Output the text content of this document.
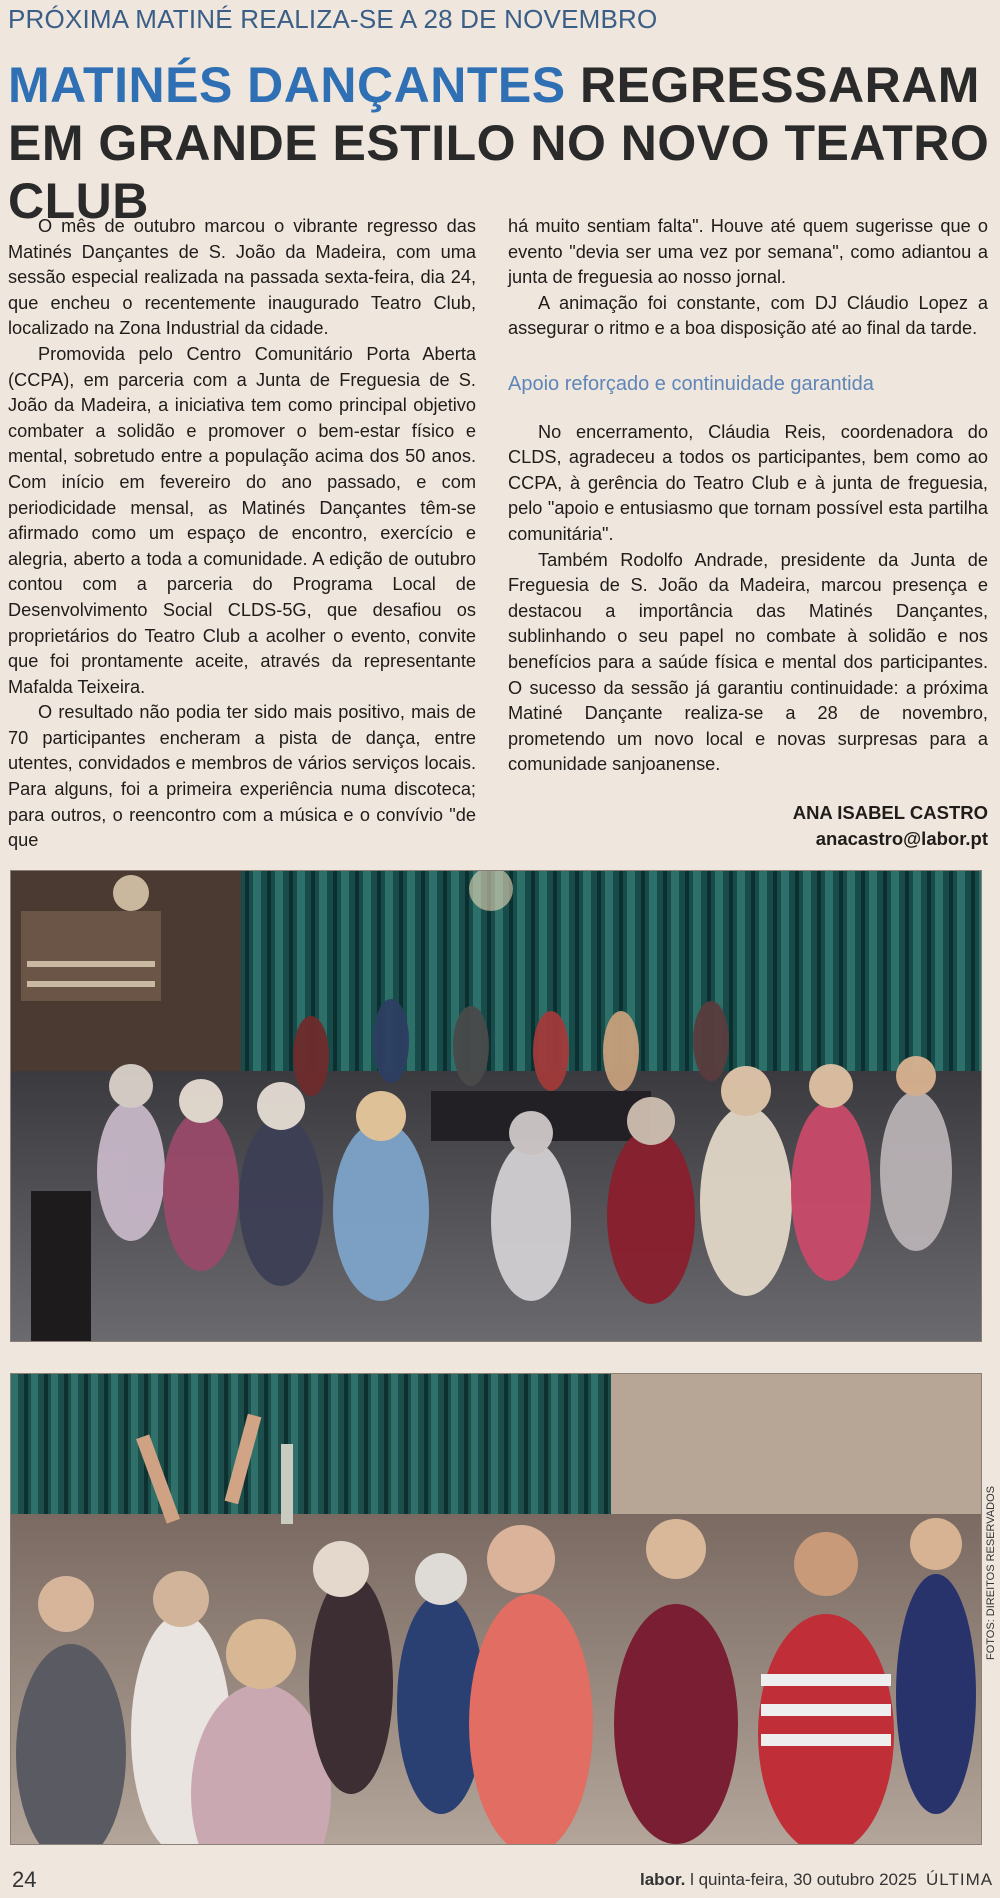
PRÓXIMA MATINÉ REALIZA-SE A 28 DE NOVEMBRO
MATINÉS DANÇANTES REGRESSARAM
EM GRANDE ESTILO NO NOVO TEATRO CLUB

O mês de outubro marcou o vibrante regresso das Matinés Dançantes de S. João da Madeira, com uma sessão especial realizada na passada sexta-feira, dia 24, que encheu o recentemente inaugurado Teatro Club, localizado na Zona Industrial da cidade.

Promovida pelo Centro Comunitário Porta Aberta (CCPA), em parceria com a Junta de Freguesia de S. João da Madeira, a iniciativa tem como principal objetivo combater a solidão e promover o bem-estar físico e mental, sobretudo entre a população acima dos 50 anos. Com início em fevereiro do ano passado, e com periodicidade mensal, as Matinés Dançantes têm-se afirmado como um espaço de encontro, exercício e alegria, aberto a toda a comunidade. A edição de outubro contou com a parceria do Programa Local de Desenvolvimento Social CLDS-5G, que desafiou os proprietários do Teatro Club a acolher o evento, convite que foi prontamente aceite, através da representante Mafalda Teixeira.

O resultado não podia ter sido mais positivo, mais de 70 participantes encheram a pista de dança, entre utentes, convidados e membros de vários serviços locais. Para alguns, foi a primeira experiência numa discoteca; para outros, o reencontro com a música e o convívio "de que

há muito sentiam falta". Houve até quem sugerisse que o evento "devia ser uma vez por semana", como adiantou a junta de freguesia ao nosso jornal.

A animação foi constante, com DJ Cláudio Lopez a assegurar o ritmo e a boa disposição até ao final da tarde.

Apoio reforçado e continuidade garantida

No encerramento, Cláudia Reis, coordenadora do CLDS, agradeceu a todos os participantes, bem como ao CCPA, à gerência do Teatro Club e à junta de freguesia, pelo "apoio e entusiasmo que tornam possível esta partilha comunitária".

Também Rodolfo Andrade, presidente da Junta de Freguesia de S. João da Madeira, marcou presença e destacou a importância das Matinés Dançantes, sublinhando o seu papel no combate à solidão e nos benefícios para a saúde física e mental dos participantes. O sucesso da sessão já garantiu continuidade: a próxima Matiné Dançante realiza-se a 28 de novembro, prometendo um novo local e novas surpresas para a comunidade sanjoanense.

ANA ISABEL CASTRO
anacastro@labor.pt
FOTOS: DIREITOS RESERVADOS
24	labor. l quinta-feira, 30 outubro 2025 ÚLTIMA
